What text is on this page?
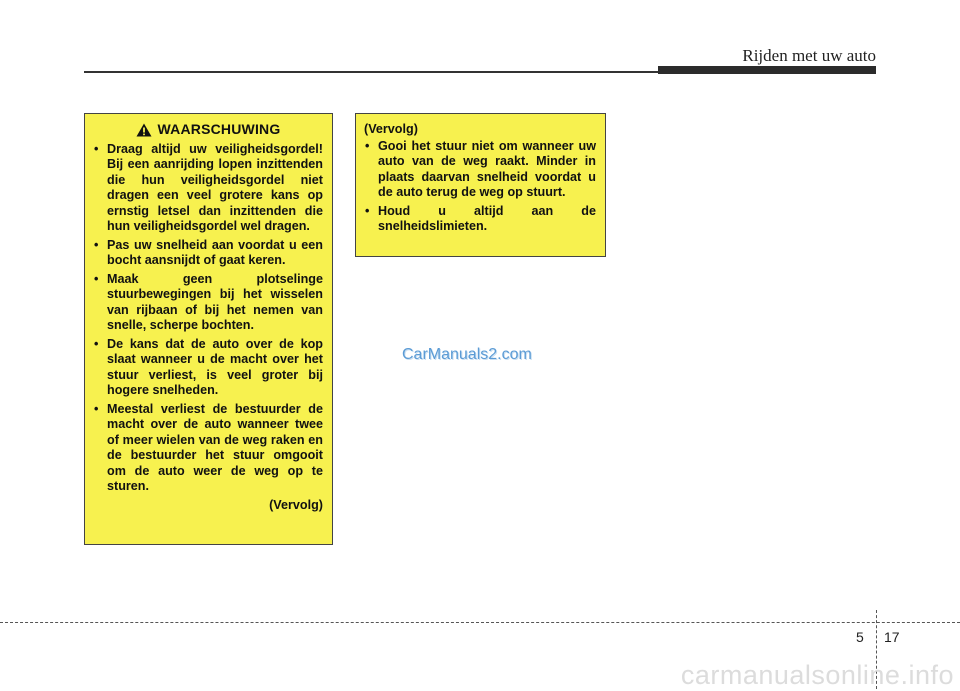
Rijden met uw auto
WAARSCHUWING
• Draag altijd uw veiligheidsgordel! Bij een aanrijding lopen inzittenden die hun veiligheidsgordel niet dragen een veel grotere kans op ernstig letsel dan inzittenden die hun veiligheidsgordel wel dragen.
• Pas uw snelheid aan voordat u een bocht aansnijdt of gaat keren.
• Maak geen plotselinge stuurbewegingen bij het wisselen van rijbaan of bij het nemen van snelle, scherpe bochten.
• De kans dat de auto over de kop slaat wanneer u de macht over het stuur verliest, is veel groter bij hogere snelheden.
• Meestal verliest de bestuurder de macht over de auto wanneer twee of meer wielen van de weg raken en de bestuurder het stuur omgooit om de auto weer de weg op te sturen.
(Vervolg)
(Vervolg)
• Gooi het stuur niet om wanneer uw auto van de weg raakt. Minder in plaats daarvan snelheid voordat u de auto terug de weg op stuurt.
• Houd u altijd aan de snelheidslimieten.
CarManuals2.com
5 17
carmanualsonline.info
